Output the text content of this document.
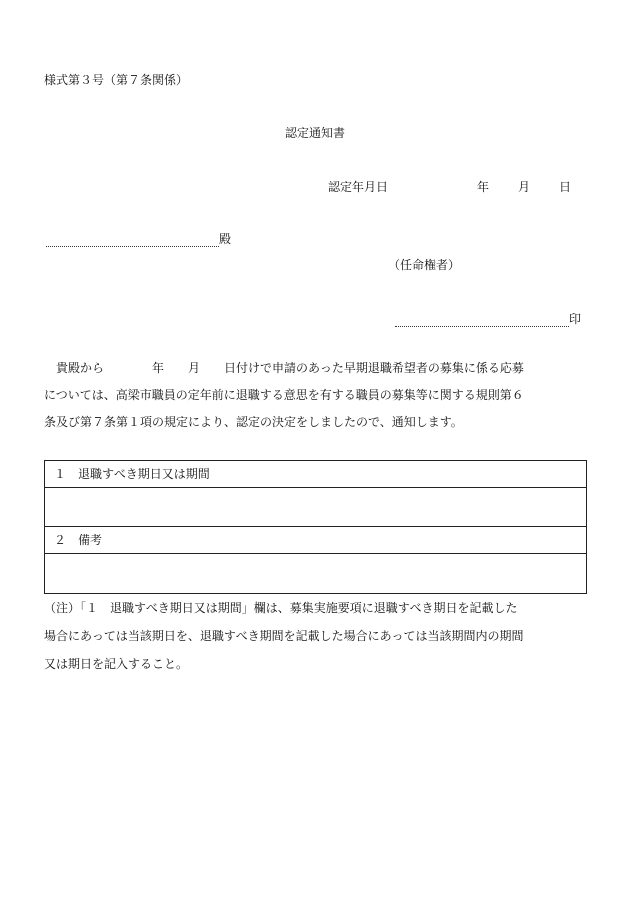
様式第３号（第７条関係）
認定通知書
認定年月日	年 月 日
殿
（任命権者）
印

　貴殿から　　　　年　　月　　日付けで申請のあった早期退職希望者の募集に係る応募

については、高梁市職員の定年前に退職する意思を有する職員の募集等に関する規則第６

条及び第７条第１項の規定により、認定の決定をしましたので、通知します。

１　退職すべき期日又は期間
２　備考

（注）「１　退職すべき期日又は期間」欄は、募集実施要項に退職すべき期日を記載した

場合にあっては当該期日を、退職すべき期間を記載した場合にあっては当該期間内の期間

又は期日を記入すること。
